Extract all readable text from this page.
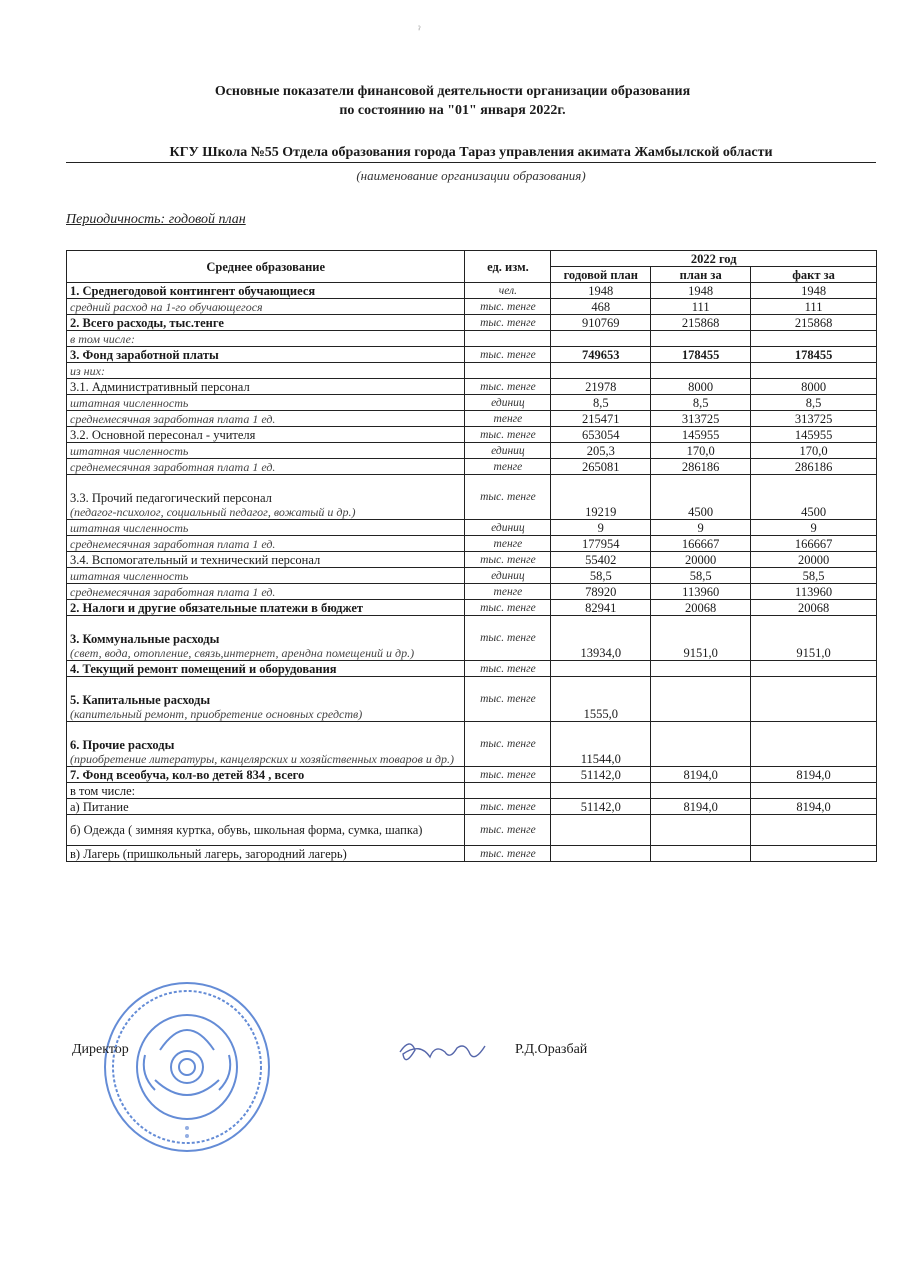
ˀ
Основные показатели финансовой деятельности организации образования
по состоянию на "01" января 2022г.
КГУ Школа №55 Отдела образования города Тараз управления акимата Жамбылской области
(наименование организации образования)
Периодичность: годовой план
Среднее образование	ед. изм.	2022 год		
		годовой план	план за	факт за
1. Среднегодовой контингент обучающиеся	чел.	1948	1948	1948
средний расход на 1-го обучающегося	тыс. тенге	468	111	111
2. Всего расходы, тыс.тенге	тыс. тенге	910769	215868	215868
в том числе:				
3. Фонд заработной платы	тыс. тенге	749653	178455	178455
из них:				
3.1. Административный персонал	тыс. тенге	21978	8000	8000
штатная численность	единиц	8,5	8,5	8,5
среднемесячная заработная плата 1 ед.	тенге	215471	313725	313725
3.2. Основной пересонал - учителя	тыс. тенге	653054	145955	145955
штатная численность	единиц	205,3	170,0	170,0
среднемесячная заработная плата 1 ед.	тенге	265081	286186	286186

3.3. Прочий педагогический персонал
(педагог-психолог, социальный педагог, вожатый и др.)	тыс. тенге	19219	4500	4500
штатная численность	единиц	9	9	9
среднемесячная заработная плата 1 ед.	тенге	177954	166667	166667
3.4. Вспомогательный и технический персонал	тыс. тенге	55402	20000	20000
штатная численность	единиц	58,5	58,5	58,5
среднемесячная заработная плата 1 ед.	тенге	78920	113960	113960
2. Налоги и другие обязательные платежи в бюджет	тыс. тенге	82941	20068	20068

3. Коммунальные расходы
(свет, вода, отопление, связь,интернет, арендна помещений и др.)	тыс. тенге	13934,0	9151,0	9151,0
4. Текущий ремонт помещений и оборудования	тыс. тенге			

5. Капитальные расходы
(капительный ремонт, приобретение основных средств)	тыс. тенге	1555,0		

6. Прочие расходы
(приобретение литературы, канцелярских и хозяйственных товаров и др.)	тыс. тенге	11544,0		
7. Фонд всеобуча, кол-во детей 834 , всего	тыс. тенге	51142,0	8194,0	8194,0
в том числе:				
а) Питание	тыс. тенге	51142,0	8194,0	8194,0
б) Одежда ( зимняя куртка, обувь, школьная форма, сумка, шапка)	тыс. тенге			
в) Лагерь (пришкольный лагерь, загородний лагерь)	тыс. тенге			
Директор	Р.Д.Оразбай
